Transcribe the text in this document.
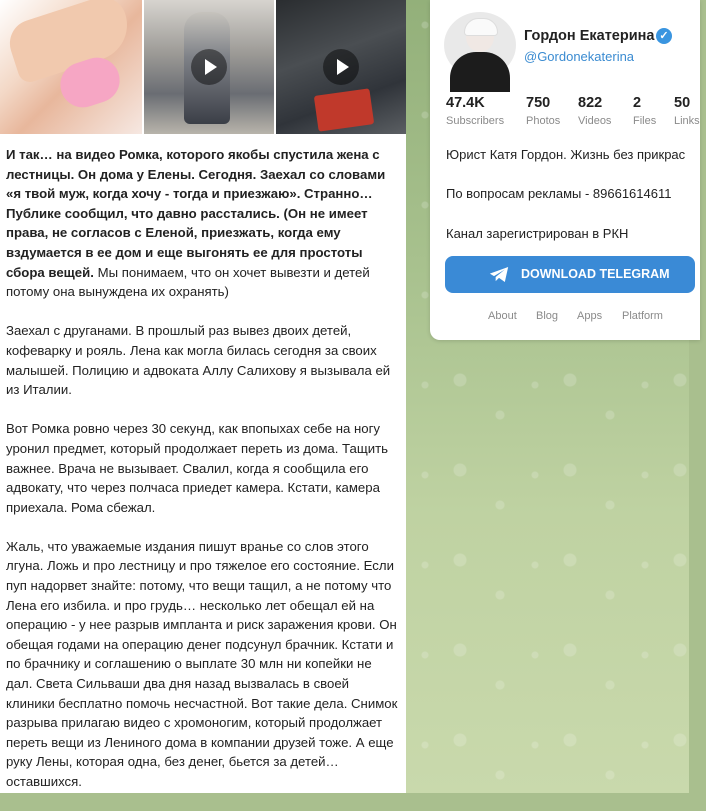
И так… на видео Ромка, которого якобы спустила жена с лестницы. Он дома у Елены. Сегодня. Заехал со словами «я твой муж, когда хочу - тогда и приезжаю». Странно… Публике сообщил, что давно расстались. (Он не имеет права, не согласов с Еленой, приезжать, когда ему вздумается в ее дом и еще выгонять ее для простоты сбора вещей. Мы понимаем, что он хочет вывезти и детей потому она вынуждена их охранять)

Заехал с друганами. В прошлый раз вывез двоих детей, кофеварку и рояль. Лена как могла билась сегодня за своих малышей. Полицию и адвоката Аллу Салихову я вызывала ей из Италии.

Вот Ромка ровно через 30 секунд, как впопыхах себе на ногу уронил предмет, который продолжает переть из дома. Тащить важнее. Врача не вызывает. Свалил, когда я сообщила его адвокату, что через полчаса приедет камера. Кстати, камера приехала. Рома сбежал.

Жаль, что уважаемые издания пишут вранье со слов этого лгуна. Ложь и про лестницу и про тяжелое его состояние. Если пуп надорвет знайте: потому, что вещи тащил, а не потому что Лена его избила. и про грудь… несколько лет обещал ей на операцию - у нее разрыв импланта и риск заражения крови. Он обещая годами на операцию денег подсунул брачник. Кстати и по брачнику и соглашению о выплате 30 млн ни копейки не дал. Света Сильваши два дня назад вызвалась в своей клиники бесплатно помочь несчастной. Вот такие дела. Снимок разрыва прилагаю видео с хромоногим, который продолжает переть вещи из Лениного дома в компании друзей тоже. А еще руку Лены, которая одна, без денег, бьется за детей… оставшихся.

Гордон Екатерина ✓
@Gordonekaterina
47.4K
Subscribers
750
Photos
822
Videos
2
Files
50
Links
Юрист Катя Гордон. Жизнь без прикрас
По вопросам рекламы - 89661614611
Канал зарегистрирован в РКН
DOWNLOAD TELEGRAM
About Blog Apps Platform
